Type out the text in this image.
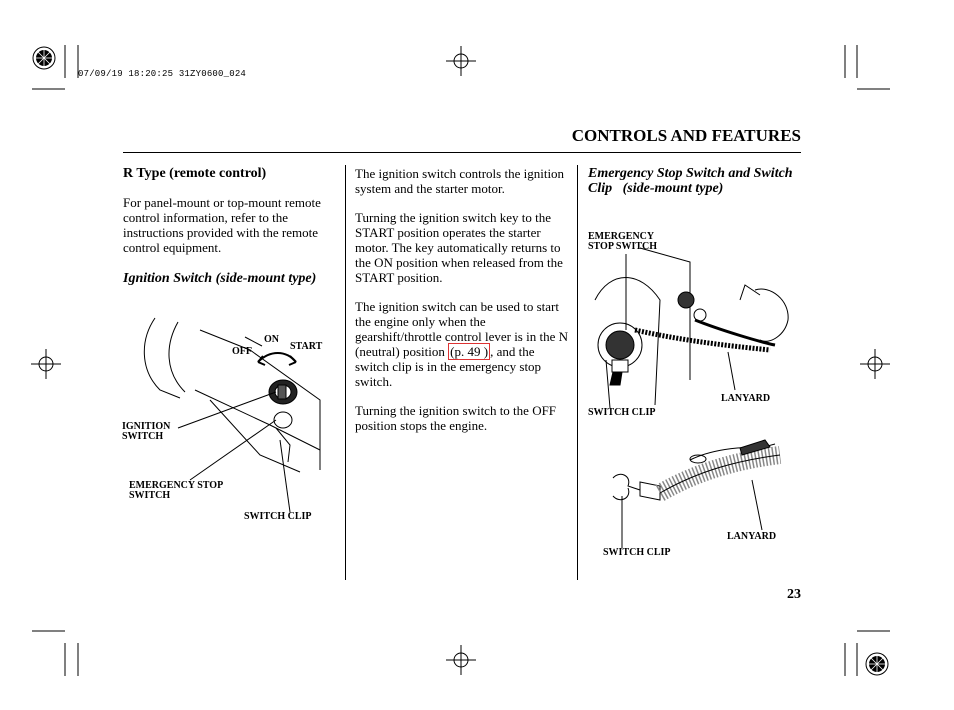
07/09/19 18:20:25 31ZY0600_024
CONTROLS AND FEATURES
R Type (remote control)

For panel-mount or top-mount remote control information, refer to the instructions provided with the remote control equipment.

Ignition Switch (side-mount type)
ON
OFF	START
IGNITION SWITCH
EMERGENCY STOP SWITCH
SWITCH CLIP

The ignition switch controls the ignition system and the starter motor.

Turning the ignition switch key to the START position operates the starter motor. The key automatically returns to the ON position when released from the START position.

The ignition switch can be used to start the engine only when the gearshift/throttle control lever is in the N (neutral) position (p. 49 ) , and the switch clip is in the emergency stop switch.

Turning the ignition switch to the OFF position stops the engine.

Emergency Stop Switch and Switch Clip   (side-mount type)
EMERGENCY STOP SWITCH
LANYARD
SWITCH CLIP
LANYARD
SWITCH CLIP
23
